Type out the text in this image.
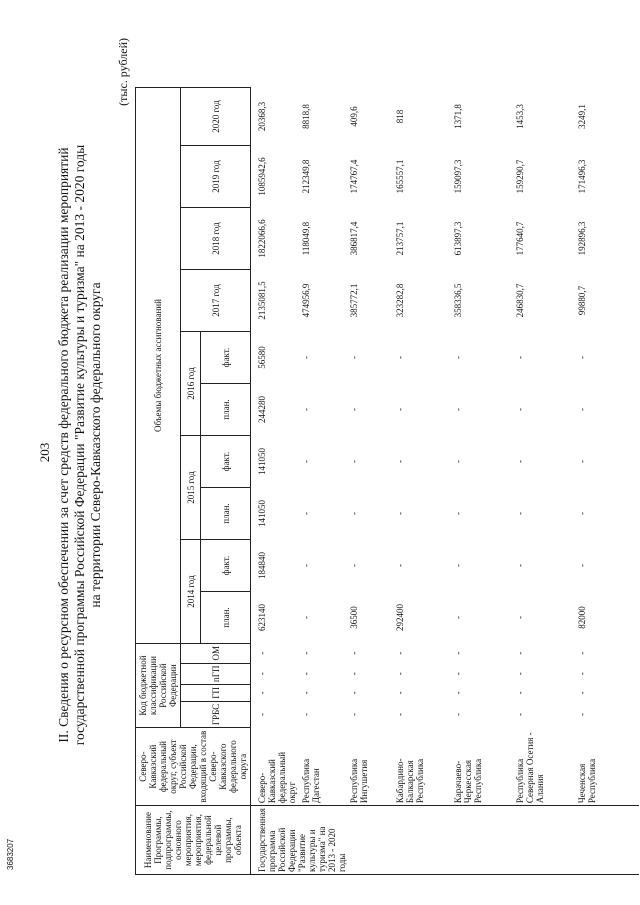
3683207
203 II. Сведения о ресурсном обеспечении за счет средств федерального бюджета реализации мероприятий государственной программы Российской Федерации "Развитие культуры и туризма" на 2013 - 2020 годы на территории Северо-Кавказского федерального округа
(тыс. рублей)
Наименование Программы, подпрограммы, основного мероприятия, мероприятия, федеральной целевой программы, объекта	Северо-Кавказский федеральный округ, субъект Российской Федерации, входящий в состав Северо-Кавказского федерального округа	Код бюджетной классификации Российской Федерации				Объемы бюджетных ассигнований									
		ГРБС	ГП	пГП	ОМ	2014 год		2015 год		2016 год		2017 год	2018 год	2019 год	2020 год
						план.	факт.	план.	факт.	план.	факт.				
Государственная программа Российской Федерации "Развитие культуры и туризма" на 2013 - 2020 годы	Северо-Кавказский федеральный округ	-	-	-	-	623140	184840	141050	141050	244280	56580	2135081,5	1822066,6	1085942,6	20368,3
	Республика Дагестан	-	-	-	-	-	-	-	-	-	-	474956,9	118049,8	212349,8	8818,8
	Республика Ингушетия	-	-	-	-	36500	-	-	-	-	-	385772,1	386817,4	174767,4	409,6
	Кабардино-Балкарская Республика	-	-	-	-	292400	-	-	-	-	-	323282,8	213757,1	165557,1	818
	Карачаево-Черкесская Республика	-	-	-	-	-	-	-	-	-	-	358336,5	613897,3	159097,3	1371,8
	Республика Северная Осетия - Алания	-	-	-	-	-	-	-	-	-	-	246830,7	177640,7	159290,7	1453,3
	Чеченская Республика	-	-	-	-	82000	-	-	-	-	-	99880,7	192896,3	171496,3	3249,1
